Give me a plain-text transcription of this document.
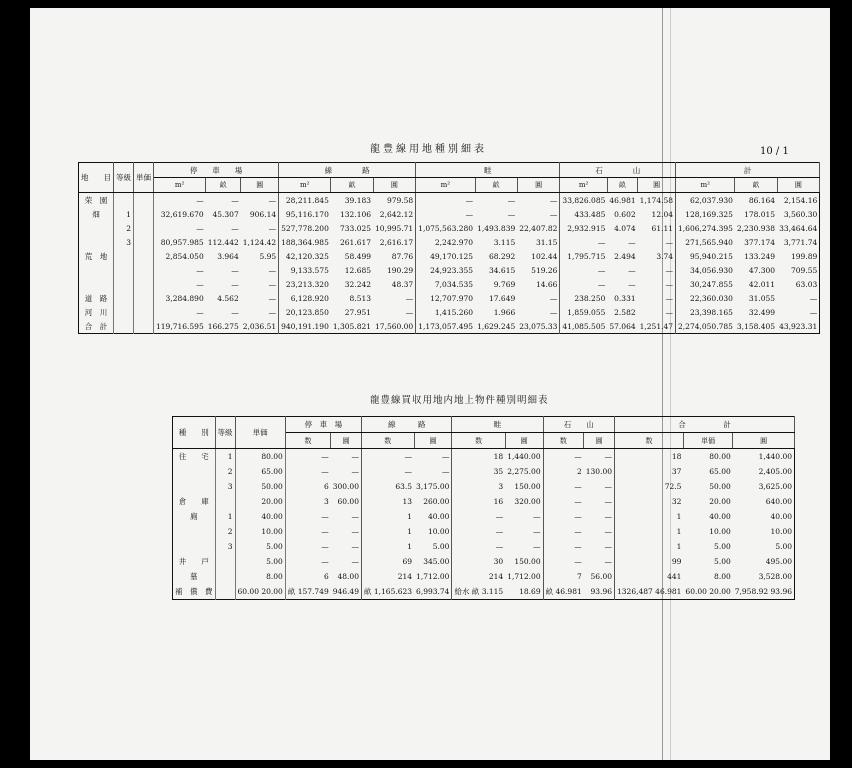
龍豊線用地種別細表	10 / 1
地　　目	等級	単価	停　　車　　場			線　　　　路			畦			石　　　　山			計		
			m²	畝	圓	m²	畝	圓	m²	畝	圓	m²	畝	圓	m²	畝	圓
荣　園			—	—	—	28,211.845	39.183	979.58	—	—	—	33,826.085	46.981	1,174.58	62,037.930	86.164	2,154.16
畑	1		32,619.670	45.307	906.14	95,116.170	132.106	2,642.12	—	—	—	433.485	0.602	12.04	128,169.325	178.015	3,560.30
	2		—	—	—	527,778.200	733.025	10,995.71	1,075,563.280	1,493.839	22,407.82	2,932.915	4.074	61.11	1,606,274.395	2,230.938	33,464.64
	3		80,957.985	112.442	1,124.42	188,364.985	261.617	2,616.17	2,242.970	3.115	31.15	—	—	—	271,565.940	377.174	3,771.74
荒　地			2,854.050	3.964	5.95	42,120.325	58.499	87.76	49,170.125	68.292	102.44	1,795.715	2.494	3.74	95,940.215	133.249	199.89
			—	—	—	9,133.575	12.685	190.29	24,923.355	34.615	519.26	—	—	—	34,056.930	47.300	709.55
			—	—	—	23,213.320	32.242	48.37	7,034.535	9.769	14.66	—	—	—	30,247.855	42.011	63.03
道　路			3,284.890	4.562	—	6,128.920	8.513	—	12,707.970	17.649	—	238.250	0.331	—	22,360.030	31.055	—
河　川			—	—	—	20,123.850	27.951	—	1,415.260	1.966	—	1,859.055	2.582	—	23,398.165	32.499	—
合　計			119,716.595	166.275	2,036.51	940,191.190	1,305.821	17,560.00	1,173,057.495	1,629.245	23,075.33	41,085.505	57.064	1,251.47	2,274,050.785	3,158.405	43,923.31
龍豊線買収用地内地上物件種別明細表
種　　別	等級	単価	停　車　場		線　　　路		畦		石　　山		合　　　　　計		
			数	圓	数	圓	数	圓	数	圓	数	単価	圓
住　　宅	1	80.00	—	—	—	—	18	1,440.00	—	—	18	80.00	1,440.00
	2	65.00	—	—	—	—	35	2,275.00	2	130.00	37	65.00	2,405.00
	3	50.00	6	300.00	63.5	3,175.00	3	150.00	—	—	72.5	50.00	3,625.00
倉　　庫		20.00	3	60.00	13	260.00	16	320.00	—	—	32	20.00	640.00
廁	1	40.00	—	—	1	40.00	—	—	—	—	1	40.00	40.00
	2	10.00	—	—	1	10.00	—	—	—	—	1	10.00	10.00
	3	5.00	—	—	1	5.00	—	—	—	—	1	5.00	5.00
井　　戸		5.00	—	—	69	345.00	30	150.00	—	—	99	5.00	495.00
墓		8.00	6	48.00	214	1,712.00	214	1,712.00	7	56.00	441	8.00	3,528.00
補　償　費		60.00 20.00	畝 157.749	946.49	畝 1,165.623	6,993.74	給水 畝 3.115	18.69	畝 46.981	93.96	1326,487 46.981	60.00 20.00	7,958.92 93.96
